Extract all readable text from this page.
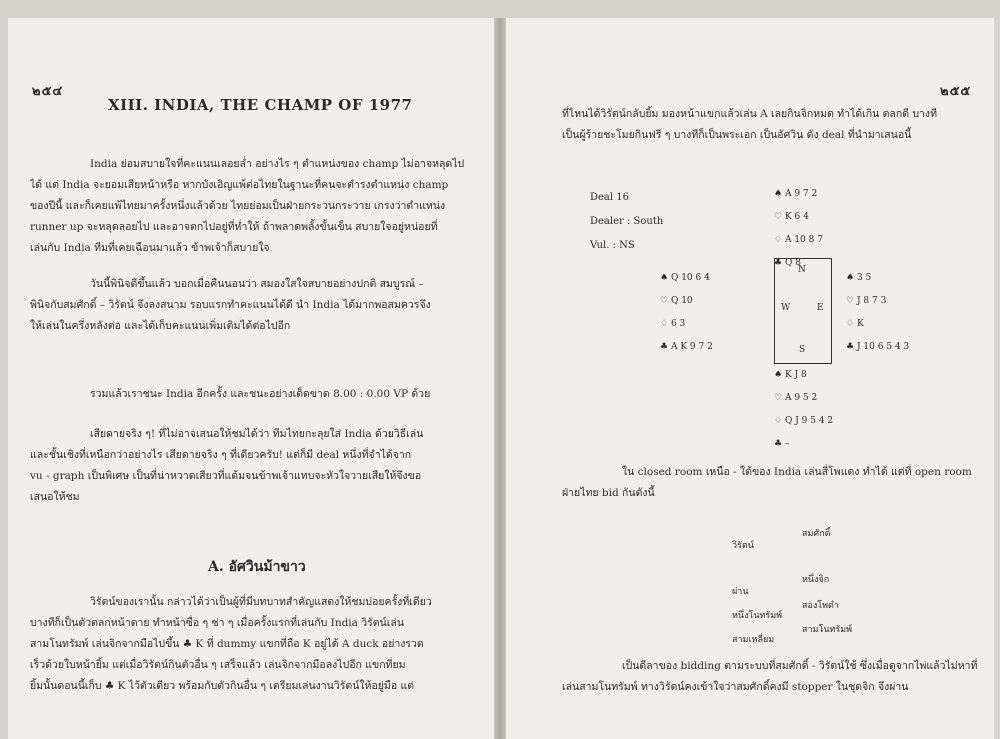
๒๕๔
XIII. INDIA, THE CHAMP OF 1977
India ย่อมสบายใจที่คะแนนเลอยล่ำ อย่างไร ๆ ตำแหน่งของ champ ไม่อาจหลุดไป
ได้ แต่ India จะยอมเสียหน้าหรือ หากบังเอิญแพ้ต่อไทยในฐานะที่คนจะตำรงตำแหน่ง champ
ของปีนี้ และก็เคยแพ้ไทยมาครั้งหนึ่งแล้วด้วย ไทยย่อมเป็นฝ่ายกระวนกระวาย เกรงว่าตำแหน่ง
runner up จะหลุดลอยไป และอาจตกไปอยู่ที่ห่ำให้ ถ้าพลาดพลั้งขั้นเข็น สบายใจอยู่หน่อยที่
เล่นกับ India ทีมที่เคยเฉือนมาแล้ว ข้าพเจ้าก็สบายใจ
วันนี้พินิจดีขึ้นแล้ว บอกเมื่อคืนนอนว่า สมองใสใจสบายอย่างปกติ สมบูรณ์ –
พินิจกับสมศักดิ์ – วิรัตน์ จึงลงสนาม รอบแรกทำคะแนนได้ดี นำ India ได้มากพอสมควรจึง
ให้เล่นในครึ่งหลังต่อ และได้เก็บคะแนนเพิ่มเติมได้ต่อไปอีก
รวมแล้วเราชนะ India อีกครั้ง และชนะอย่างเด็ดขาด 8.00 : 0.00 VP ด้วย
เสียดายจริง ๆ! ที่ไม่อาจเสนอให้ชมได้ว่า ทีมไทยกะลุยใส่ India ด้วยวิธีเล่น
และชั้นเชิงที่เหนือกว่าอย่างไร เสียดายจริง ๆ ที่เดียวครับ! แต่ก็มี deal หนึ่งที่จำได้จาก
vu - graph เป็นพิเศษ เป็นที่น่าหวาดเสียวที่แต้มจนข้าพเจ้าแทบจะหัวใจวายเสียให้จึงขอ
เสนอให้ชม
A. อัศวินม้าขาว
วิรัตน์ของเรานั้น กล่าวได้ว่าเป็นผู้ที่มีบทบาทสำคัญแสดงให้ชมบ่อยครั้งที่เดียว
บางทีก็เป็นตัวตลกหน้าตาย ทำหน้าซื่อ ๆ ซ่า ๆ เมื่อครั้งแรกที่เล่นกับ India วิรัตน์เล่น
สามโนทรัมพ์ เล่นจิกจากมือไปขึ้น ♣ K ที่ dummy แขกที่ถือ K อยู่ได้ A duck อย่างรวด
เร็วด้วยใบหน้ายิ้ม แต่เมื่อวิรัตน์กินตัวอื่น ๆ เสร็จแล้ว เล่นจิกจากมือลงไปอีก แขกที่ยม
ยิ้มนั้นดอนนี้เก็บ ♣ K ไว้ตัวเดียว พร้อมกับตัวกินอื่น ๆ เตรียมเล่นงานวิรัตน์ให้อยู่มือ แต่
๒๕๕
ที่ไหนได้วิรัตน์กลับยิ้ม มองหน้าแขกแล้วเล่น A เลยกินจิกหมด ทำได้เกิน ตลกดี บางที
เป็นผู้ร้ายชะโมยกินฟรี ๆ บางทีก็เป็นพระเอก เป็นอัศวิน ดัง deal ที่นำมาเสนอนี้
Deal 16
Dealer : South
Vul. : NS
♠ A 9 7 2
♡ K 6 4
♢ A 10 8 7
♣ Q 8
♠ Q 10 6 4
♡ Q 10
♢ 6 3
♣ A K 9 7 2
N
W	E
S
♠ 3 5
♡ J 8 7 3
♢ K
♣ J 10 6 5 4 3
♠ K J 8
♡ A 9 5 2
♢ Q J 9 5 4 2
♣ –
ใน closed room เหนือ - ใต้ของ India เล่นสี่โพแดง ทำได้ แต่ที่ open room
ฝ่ายไทย bid กันดังนี้
วิรัตน์
สมศักดิ์
ผ่าน
หนึ่งจิก
หนึ่งโนทรัมพ์
สองโพดำ
สามเหลี่ยม
สามโนทรัมพ์
เป็นดีลาของ bidding ตามระบบที่สมศักดิ์ - วิรัตน์ใช้ ซึ่งเมื่อดูจากไพ่แล้วไม่หาที่
เล่นสามโนทรัมพ์ ทางวิรัตน์คงเข้าใจว่าสมศักดิ์คงมี stopper ในชุดจิก จึงผ่าน
